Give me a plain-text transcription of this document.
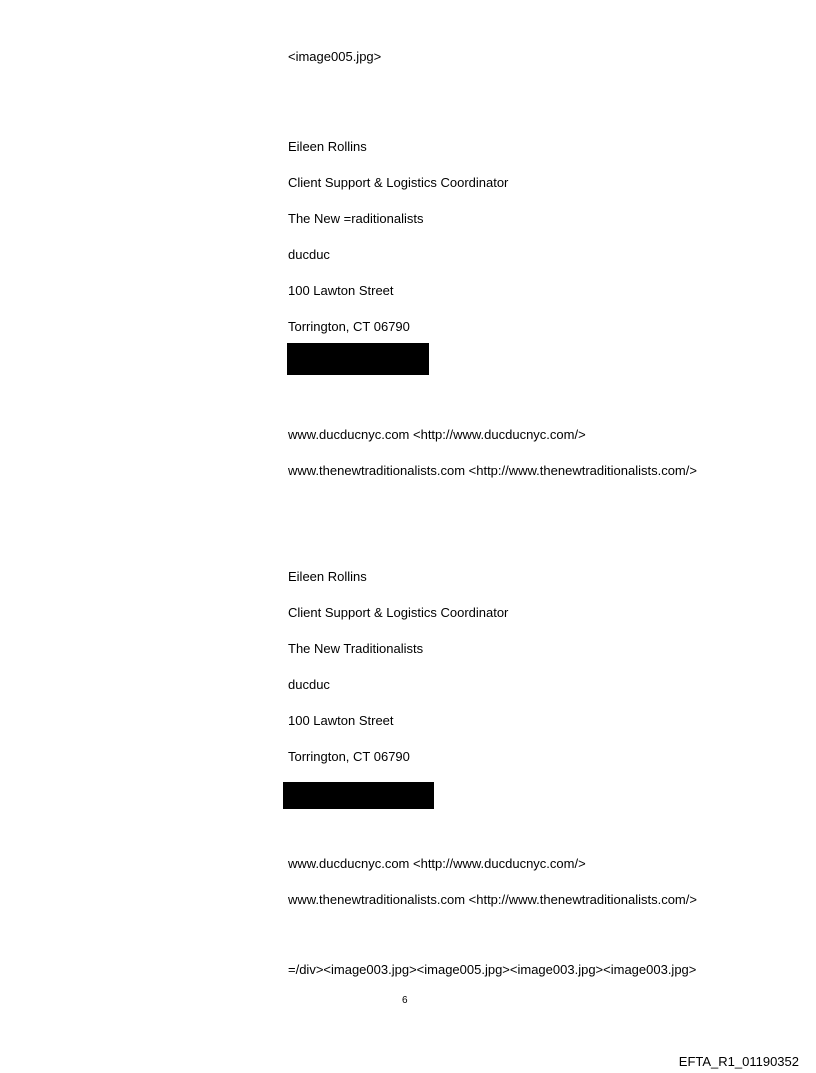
<image005.jpg>
Eileen Rollins
Client Support & Logistics Coordinator
The New =raditionalists
ducduc
100 Lawton Street
Torrington, CT 06790
www.ducducnyc.com <http://www.ducducnyc.com/>
www.thenewtraditionalists.com <http://www.thenewtraditionalists.com/>
Eileen Rollins
Client Support & Logistics Coordinator
The New Traditionalists
ducduc
100 Lawton Street
Torrington, CT 06790
www.ducducnyc.com <http://www.ducducnyc.com/>
www.thenewtraditionalists.com <http://www.thenewtraditionalists.com/>
=/div><image003.jpg><image005.jpg><image003.jpg><image003.jpg>
6
EFTA_R1_01190352
